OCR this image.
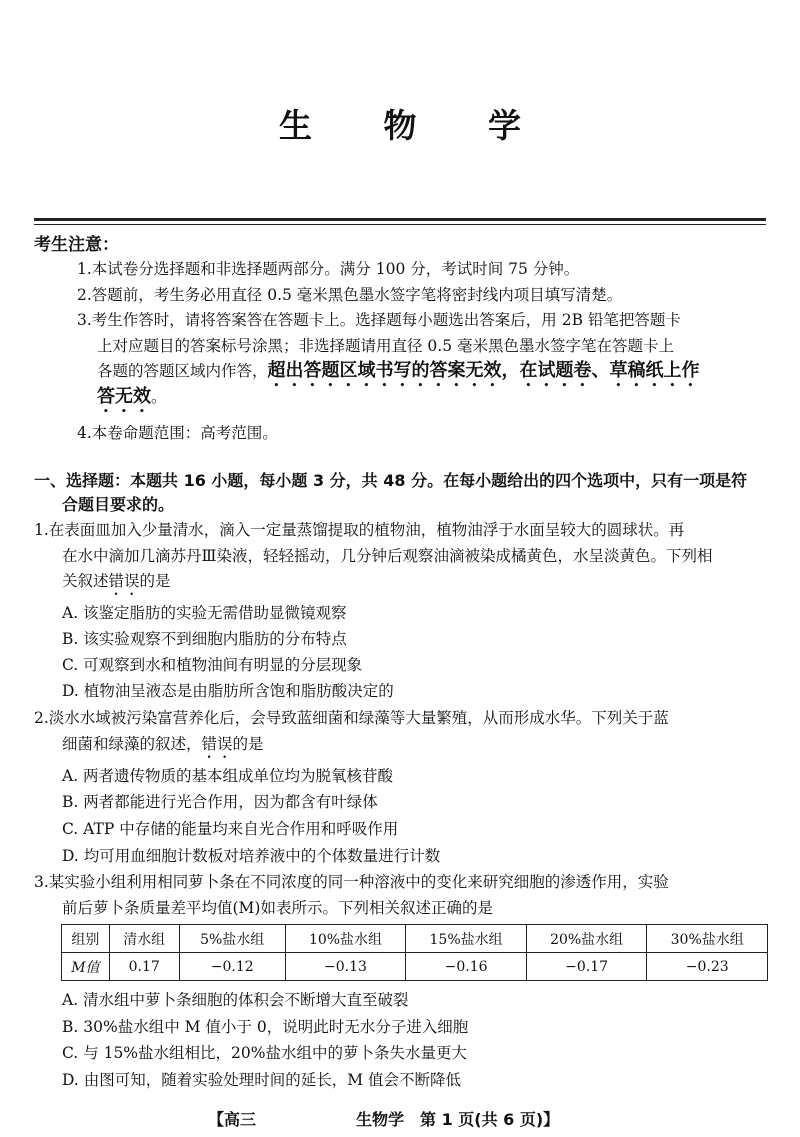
生 物 学
考生注意：
1.本试卷分选择题和非选择题两部分。满分 100 分，考试时间 75 分钟。
2.答题前，考生务必用直径 0.5 毫米黑色墨水签字笔将密封线内项目填写清楚。
3.考生作答时，请将答案答在答题卡上。选择题每小题选出答案后，用 2B 铅笔把答题卡
上对应题目的答案标号涂黑；非选择题请用直径 0.5 毫米黑色墨水签字笔在答题卡上
各题的答题区域内作答，超出答题区域书写的答案无效，在试题卷、草稿纸上作
答无效。
4.本卷命题范围：高考范围。
一、选择题：本题共 16 小题，每小题 3 分，共 48 分。在每小题给出的四个选项中，只有一项是符
合题目要求的。
1.在表面皿加入少量清水，滴入一定量蒸馏提取的植物油，植物油浮于水面呈较大的圆球状。再
在水中滴加几滴苏丹Ⅲ染液，轻轻摇动，几分钟后观察油滴被染成橘黄色，水呈淡黄色。下列相
关叙述错误的是
A. 该鉴定脂肪的实验无需借助显微镜观察
B. 该实验观察不到细胞内脂肪的分布特点
C. 可观察到水和植物油间有明显的分层现象
D. 植物油呈液态是由脂肪所含饱和脂肪酸决定的
2.淡水水域被污染富营养化后，会导致蓝细菌和绿藻等大量繁殖，从而形成水华。下列关于蓝
细菌和绿藻的叙述，错误的是
A. 两者遗传物质的基本组成单位均为脱氧核苷酸
B. 两者都能进行光合作用，因为都含有叶绿体
C. ATP 中存储的能量均来自光合作用和呼吸作用
D. 均可用血细胞计数板对培养液中的个体数量进行计数
3.某实验小组利用相同萝卜条在不同浓度的同一种溶液中的变化来研究细胞的渗透作用，实验
前后萝卜条质量差平均值(M)如表所示。下列相关叙述正确的是
组别	清水组	5%盐水组	10%盐水组	15%盐水组	20%盐水组	30%盐水组
M值	0.17	−0.12	−0.13	−0.16	−0.17	−0.23
A. 清水组中萝卜条细胞的体积会不断增大直至破裂
B. 30%盐水组中 M 值小于 0，说明此时无水分子进入细胞
C. 与 15%盐水组相比，20%盐水组中的萝卜条失水量更大
D. 由图可知，随着实验处理时间的延长，M 值会不断降低
【高三	生物学　第 1 页(共 6 页)】
